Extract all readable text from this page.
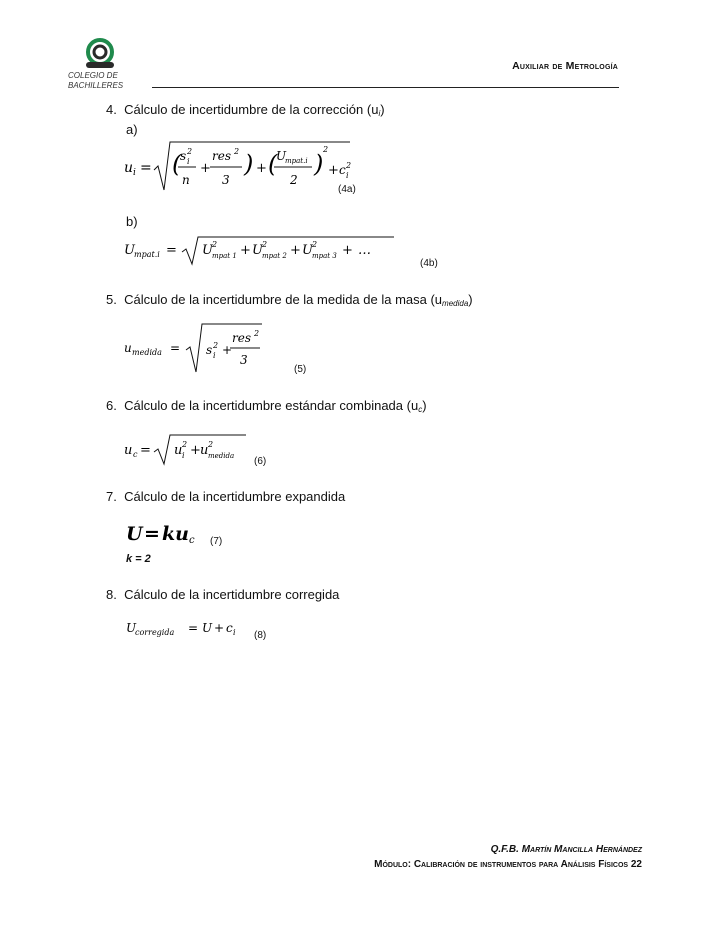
COLEGIO DE
BACHILLERES
Auxiliar de Metrología
4. Cálculo de incertidumbre de la corrección $(u_i)$
a)
u i = (
s 2
i
n
+
res 2
3
) + (
U
mpat.i
2
)
2
+ c 2
i
(4a)
b)
U mpat.i = U 2
mpat 1 + U 2
mpat 2 + U 2
mpat 3 + …
(4b)
5. Cálculo de la incertidumbre de la medida de la masa $(u_{medida})$
u medida = s 2
i +
res 2
3
(5)
6. Cálculo de la incertidumbre estándar combinada $(u_c)$
u c = u 2
i + u 2
medida (6)
7. Cálculo de la incertidumbre expandida
U = ku c (7)
k = 2
8. Cálculo de la incertidumbre corregida
U
corregida = U + c i (8)
Q.F.B. Martín Mancilla Hernández
Módulo: Calibración de instrumentos para Análisis Físicos 22
